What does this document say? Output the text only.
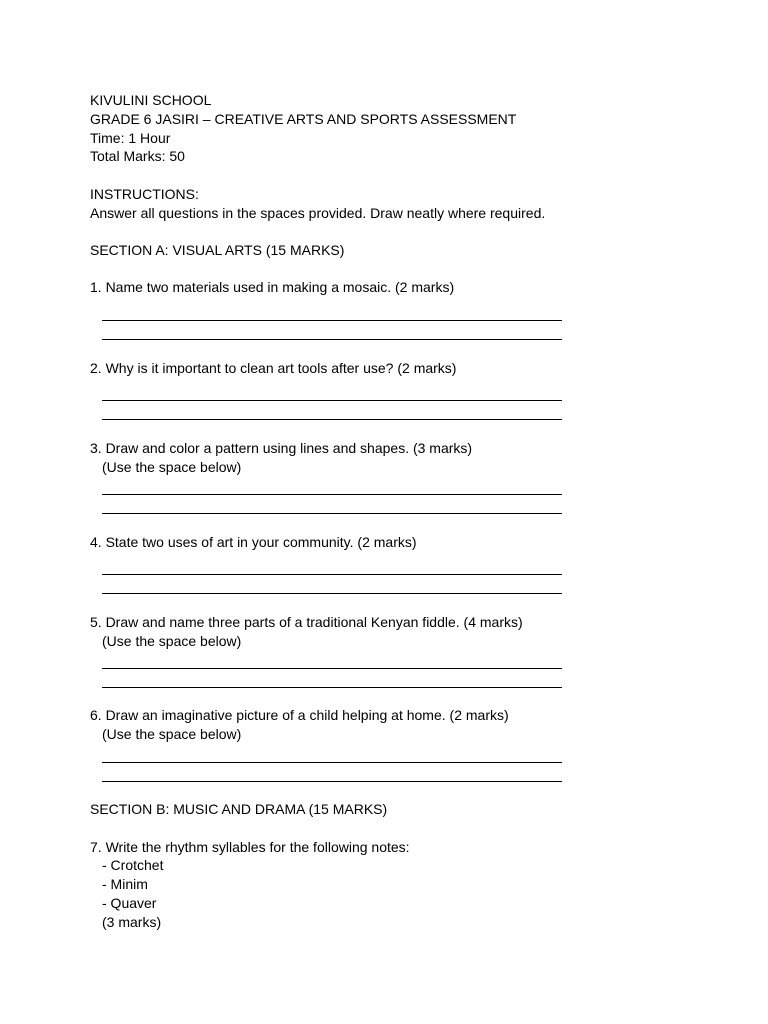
KIVULINI SCHOOL
GRADE 6 JASIRI – CREATIVE ARTS AND SPORTS ASSESSMENT
Time: 1 Hour
Total Marks: 50
INSTRUCTIONS:
Answer all questions in the spaces provided. Draw neatly where required.
SECTION A: VISUAL ARTS (15 MARKS)
1. Name two materials used in making a mosaic. (2 marks)
2. Why is it important to clean art tools after use? (2 marks)
3. Draw and color a pattern using lines and shapes. (3 marks)
(Use the space below)
4. State two uses of art in your community. (2 marks)
5. Draw and name three parts of a traditional Kenyan fiddle. (4 marks)
(Use the space below)
6. Draw an imaginative picture of a child helping at home. (2 marks)
(Use the space below)
SECTION B: MUSIC AND DRAMA (15 MARKS)
7. Write the rhythm syllables for the following notes:
- Crotchet
- Minim
- Quaver
(3 marks)
